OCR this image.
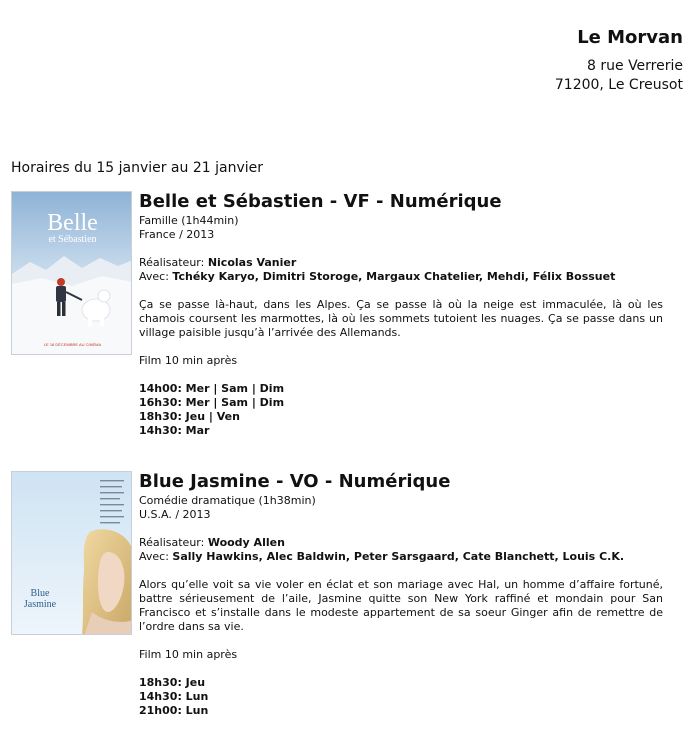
Le Morvan
8 rue Verrerie
71200, Le Creusot
Horaires du 15 janvier au 21 janvier
Belle
et Sébastien
LE 18 DÉCEMBRE AU CINÉMA
Belle et Sébastien - VF - Numérique
Famille (1h44min)
France / 2013
Réalisateur: Nicolas Vanier
Avec: Tchéky Karyo, Dimitri Storoge, Margaux Chatelier, Mehdi, Félix Bossuet
Ça se passe là-haut, dans les Alpes. Ça se passe là où la neige est immaculée, là où les chamois coursent les marmottes, là où les sommets tutoient les nuages. Ça se passe dans un village paisible jusqu’à l’arrivée des Allemands.
Film 10 min après
14h00: Mer | Sam | Dim
16h30: Mer | Sam | Dim
18h30: Jeu | Ven
14h30: Mar
Blue
Jasmine
Blue Jasmine - VO - Numérique
Comédie dramatique (1h38min)
U.S.A. / 2013
Réalisateur: Woody Allen
Avec: Sally Hawkins, Alec Baldwin, Peter Sarsgaard, Cate Blanchett, Louis C.K.
Alors qu’elle voit sa vie voler en éclat et son mariage avec Hal, un homme d’affaire fortuné, battre sérieusement de l’aile, Jasmine quitte son New York raffiné et mondain pour San Francisco et s’installe dans le modeste appartement de sa soeur Ginger afin de remettre de l’ordre dans sa vie.
Film 10 min après
18h30: Jeu
14h30: Lun
21h00: Lun
